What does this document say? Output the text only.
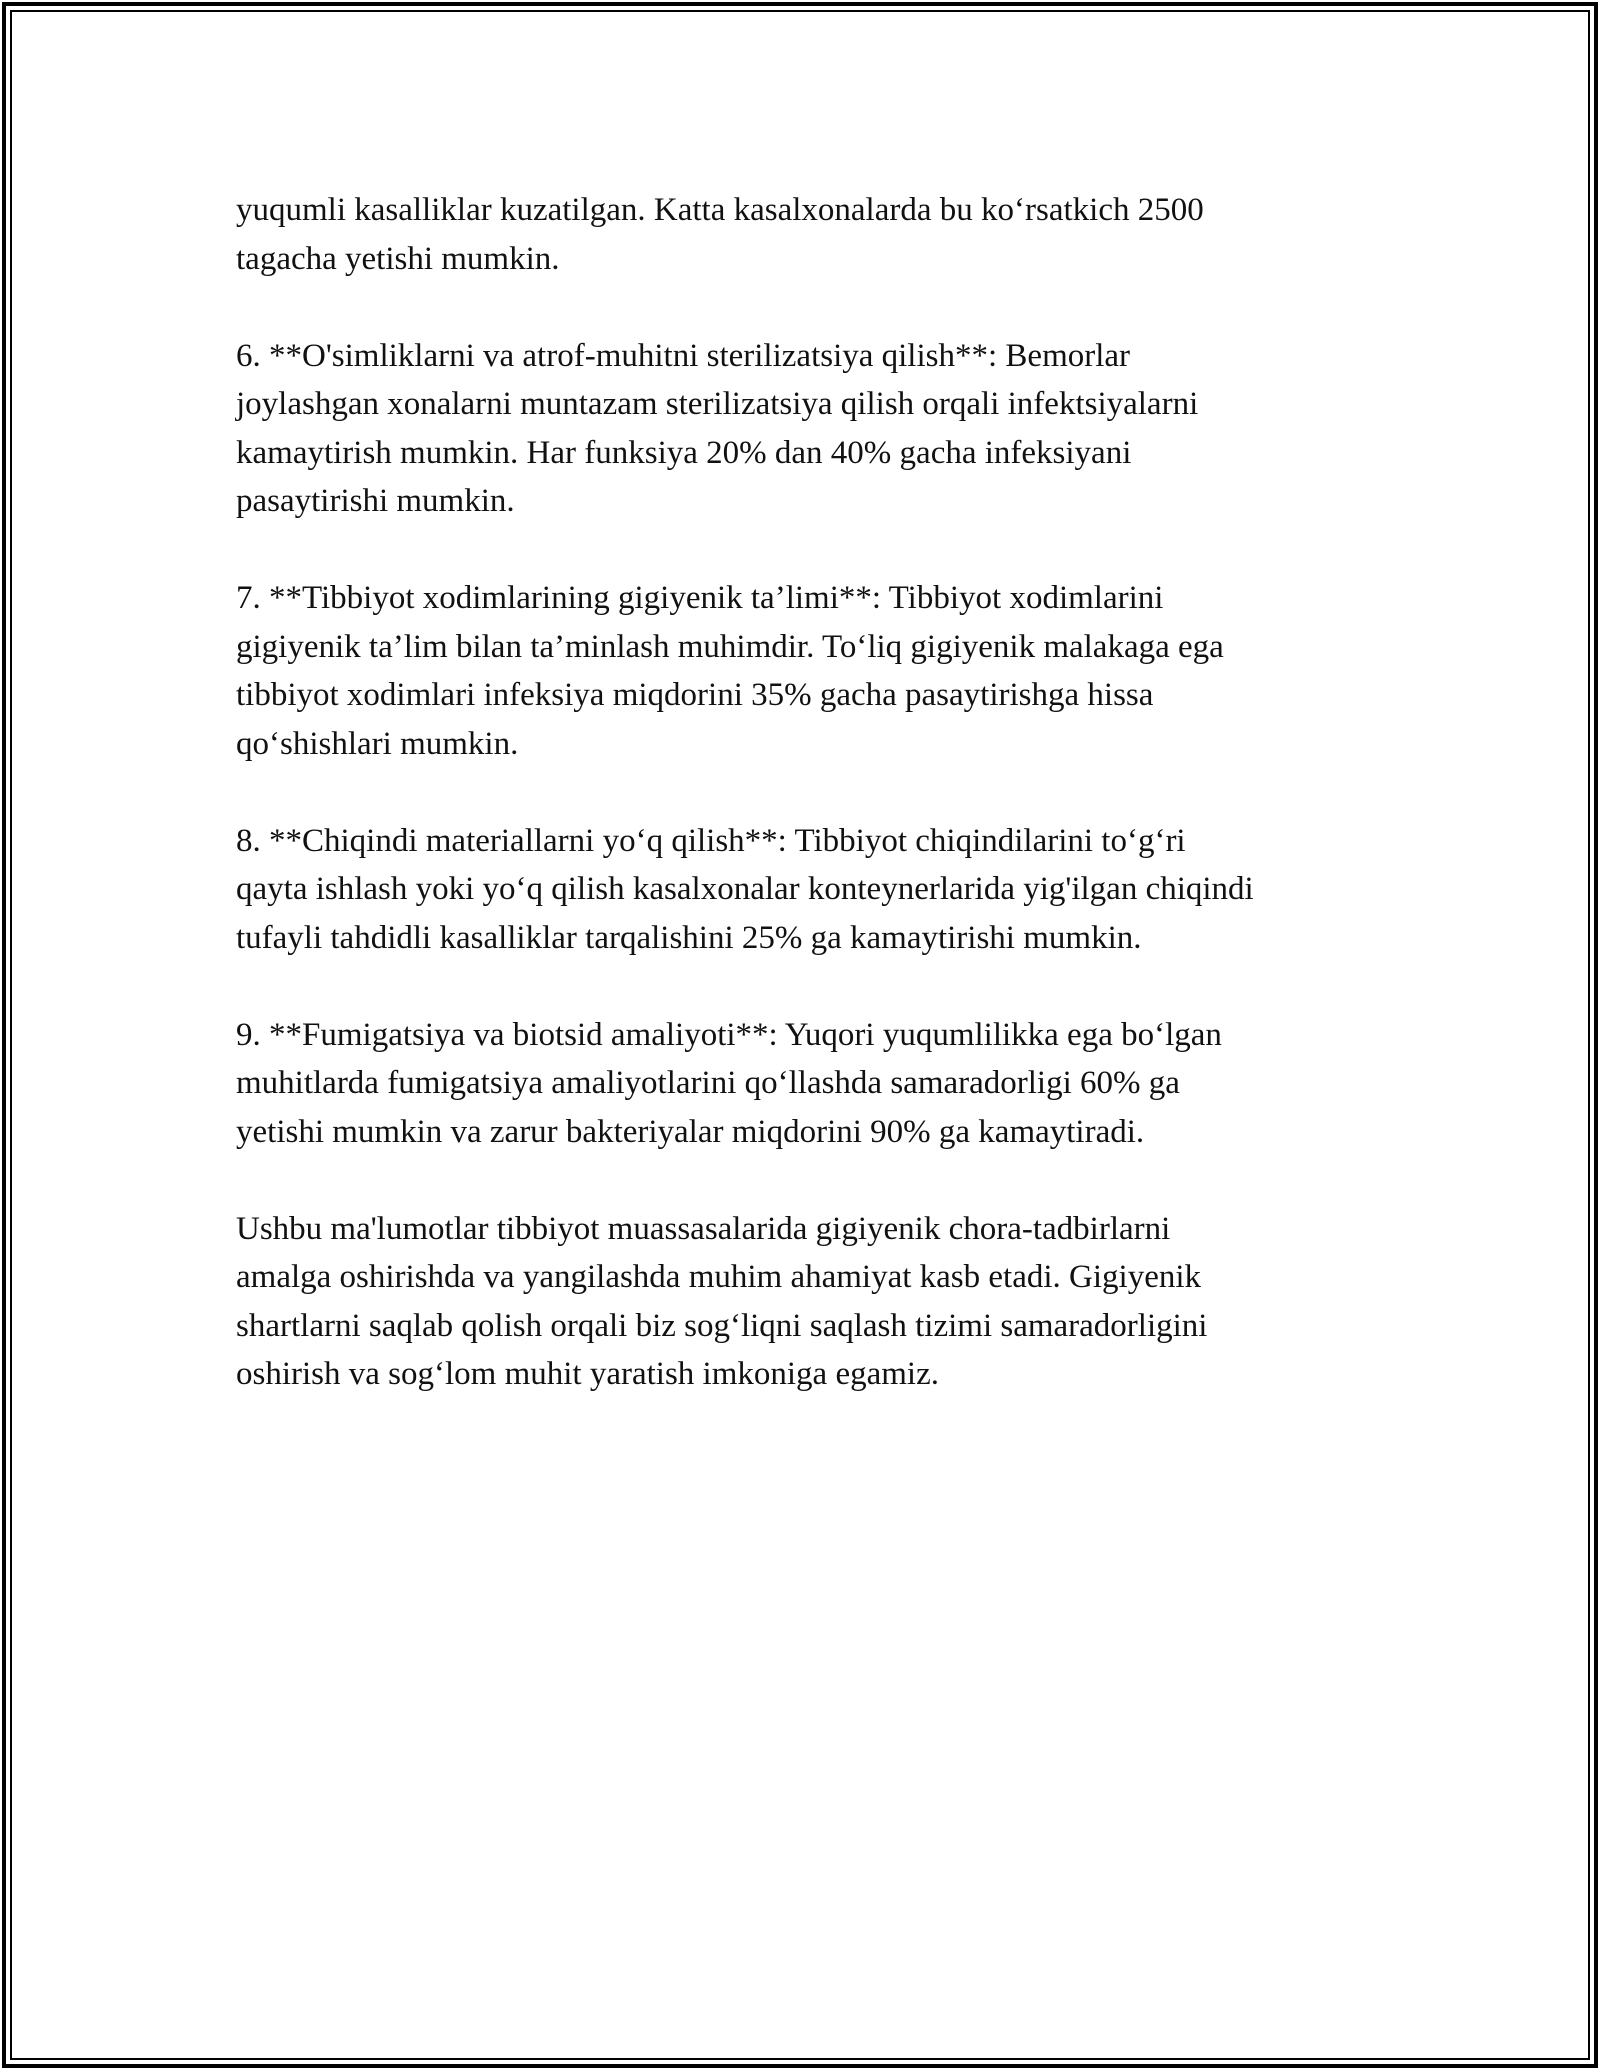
yuqumli kasalliklar kuzatilgan. Katta kasalxonalarda bu ko‘rsatkich 2500
tagacha yetishi mumkin.

6. **O'simliklarni va atrof-muhitni sterilizatsiya qilish**: Bemorlar
joylashgan xonalarni muntazam sterilizatsiya qilish orqali infektsiyalarni
kamaytirish mumkin. Har funksiya 20% dan 40% gacha infeksiyani
pasaytirishi mumkin.

7. **Tibbiyot xodimlarining gigiyenik ta’limi**: Tibbiyot xodimlarini
gigiyenik ta’lim bilan ta’minlash muhimdir. To‘liq gigiyenik malakaga ega
tibbiyot xodimlari infeksiya miqdorini 35% gacha pasaytirishga hissa
qo‘shishlari mumkin.

8. **Chiqindi materiallarni yo‘q qilish**: Tibbiyot chiqindilarini to‘g‘ri
qayta ishlash yoki yo‘q qilish kasalxonalar konteynerlarida yig'ilgan chiqindi
tufayli tahdidli kasalliklar tarqalishini 25% ga kamaytirishi mumkin.

9. **Fumigatsiya va biotsid amaliyoti**: Yuqori yuqumlilikka ega bo‘lgan
muhitlarda fumigatsiya amaliyotlarini qo‘llashda samaradorligi 60% ga
yetishi mumkin va zarur bakteriyalar miqdorini 90% ga kamaytiradi.

Ushbu ma'lumotlar tibbiyot muassasalarida gigiyenik chora-tadbirlarni
amalga oshirishda va yangilashda muhim ahamiyat kasb etadi. Gigiyenik
shartlarni saqlab qolish orqali biz sog‘liqni saqlash tizimi samaradorligini
oshirish va sog‘lom muhit yaratish imkoniga egamiz.
